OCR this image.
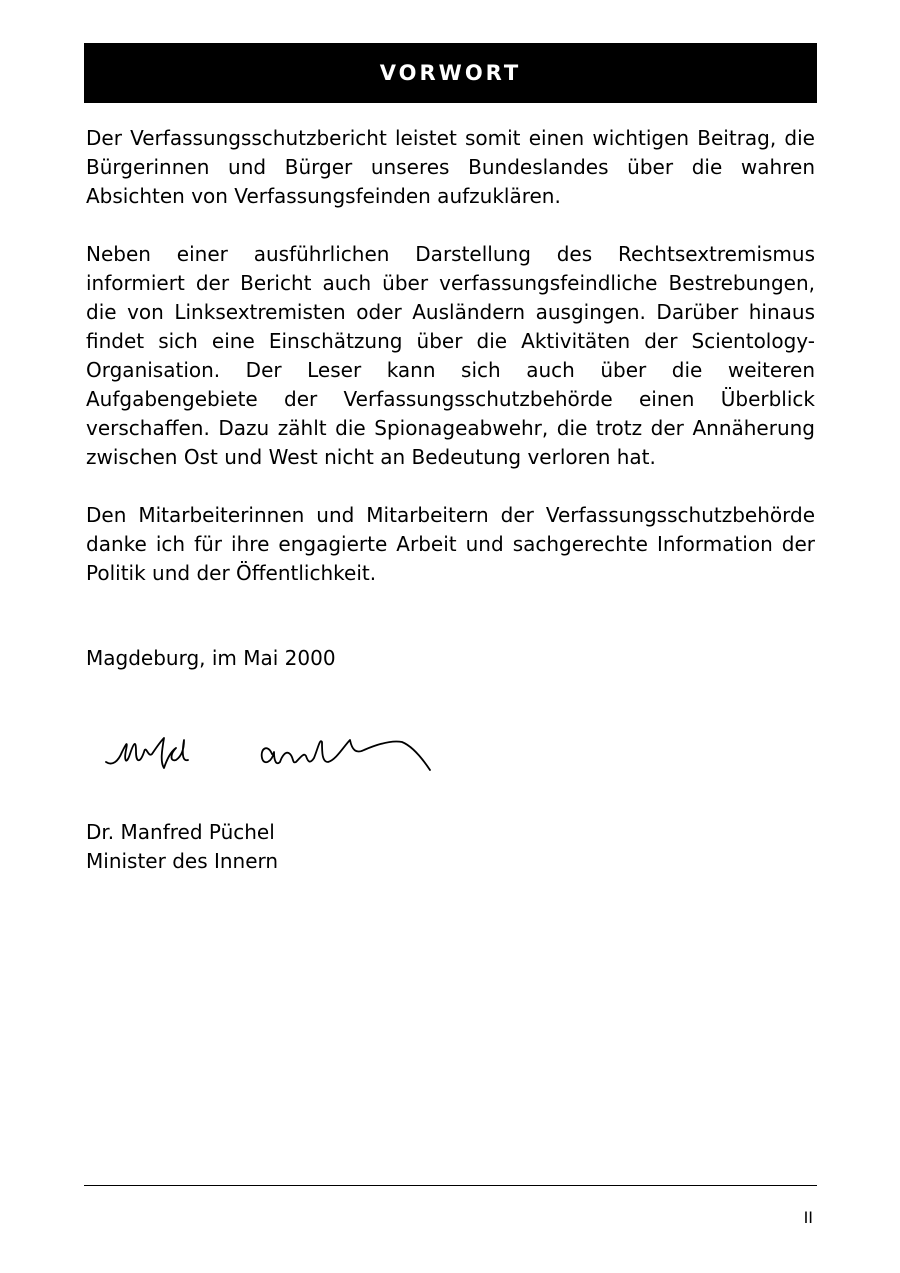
VORWORT

Der Verfassungsschutzbericht leistet somit einen wichtigen Beitrag, die Bürgerinnen und Bürger unseres Bundeslandes über die wahren Absichten von Verfassungsfeinden aufzuklären.

Neben einer ausführlichen Darstellung des Rechtsextremismus informiert der Bericht auch über verfassungsfeindliche Bestrebungen, die von Linksextremisten oder Ausländern ausgingen. Darüber hinaus findet sich eine Einschätzung über die Aktivitäten der Scientology-Organisation. Der Leser kann sich auch über die weiteren Aufgabengebiete der Verfassungsschutzbehörde einen Überblick verschaffen. Dazu zählt die Spionageabwehr, die trotz der Annäherung zwischen Ost und West nicht an Bedeutung verloren hat.

Den Mitarbeiterinnen und Mitarbeitern der Verfassungsschutzbehörde danke ich für ihre engagierte Arbeit und sachgerechte Information der Politik und der Öffentlichkeit.

Magdeburg, im Mai 2000
Dr. Manfred Püchel
Minister des Innern
II
